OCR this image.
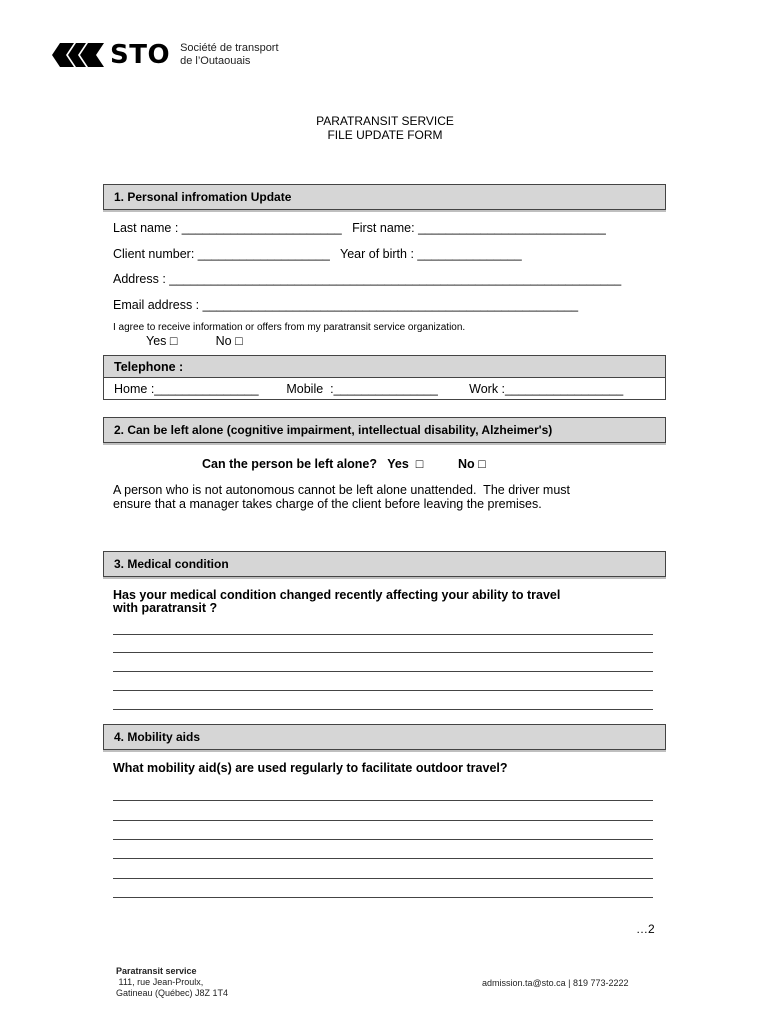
STO Société de transport
de l’Outaouais
PARATRANSIT SERVICE
FILE UPDATE FORM
1. Personal infromation Update
Last name : _______________________   First name: ___________________________
Client number: ___________________   Year of birth : _______________
Address : _________________________________________________________________
Email address : ______________________________________________________
I agree to receive information or offers from my paratransit service organization.
Yes □           No □
Telephone :
Home :_______________        Mobile  :_______________         Work :_________________
2. Can be left alone (cognitive impairment, intellectual disability, Alzheimer's)
Can the person be left alone?   Yes  □          No □
A person who is not autonomous cannot be left alone unattended.  The driver must
ensure that a manager takes charge of the client before leaving the premises.
3. Medical condition
Has your medical condition changed recently affecting your ability to travel
with paratransit ?
4. Mobility aids
What mobility aid(s) are used regularly to facilitate outdoor travel?
…2
Paratransit service
111, rue Jean-Proulx,
Gatineau (Québec) J8Z 1T4
admission.ta@sto.ca | 819 773-2222
